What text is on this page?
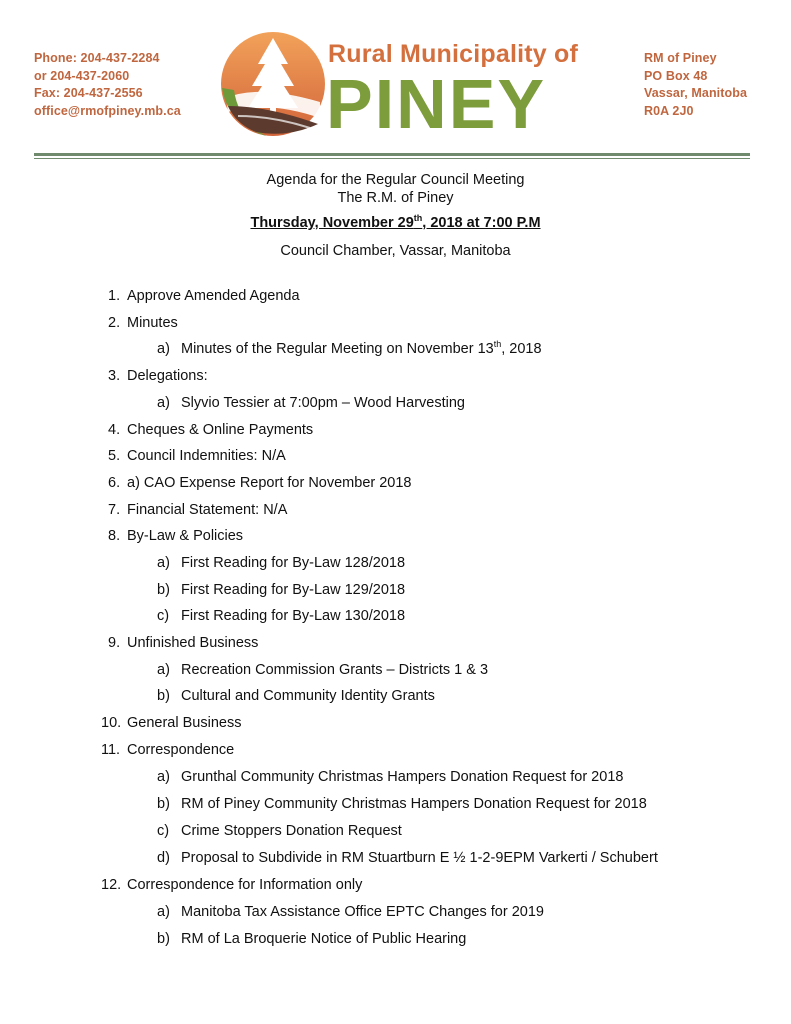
Phone: 204-437-2284
or 204-437-2060
Fax: 204-437-2556
office@rmofpiney.mb.ca
Rural Municipality of
PINEY
RM of Piney
PO Box 48
Vassar, Manitoba
R0A 2J0
Agenda for the Regular Council Meeting
The R.M. of Piney
Thursday, November 29th, 2018 at 7:00 P.M
Council Chamber, Vassar, Manitoba
1. Approve Amended Agenda
2. Minutes
a) Minutes of the Regular Meeting on November 13th, 2018
3. Delegations:
a) Slyvio Tessier at 7:00pm – Wood Harvesting
4. Cheques & Online Payments
5. Council Indemnities: N/A
6. a) CAO Expense Report for November 2018
7. Financial Statement: N/A
8. By-Law & Policies
a) First Reading for By-Law 128/2018
b) First Reading for By-Law 129/2018
c) First Reading for By-Law 130/2018
9. Unfinished Business
a) Recreation Commission Grants – Districts 1 & 3
b) Cultural and Community Identity Grants
10. General Business
11. Correspondence
a) Grunthal Community Christmas Hampers Donation Request for 2018
b) RM of Piney Community Christmas Hampers Donation Request for 2018
c) Crime Stoppers Donation Request
d) Proposal to Subdivide in RM Stuartburn E ½ 1-2-9EPM Varkerti / Schubert
12. Correspondence for Information only
a) Manitoba Tax Assistance Office EPTC Changes for 2019
b) RM of La Broquerie Notice of Public Hearing
